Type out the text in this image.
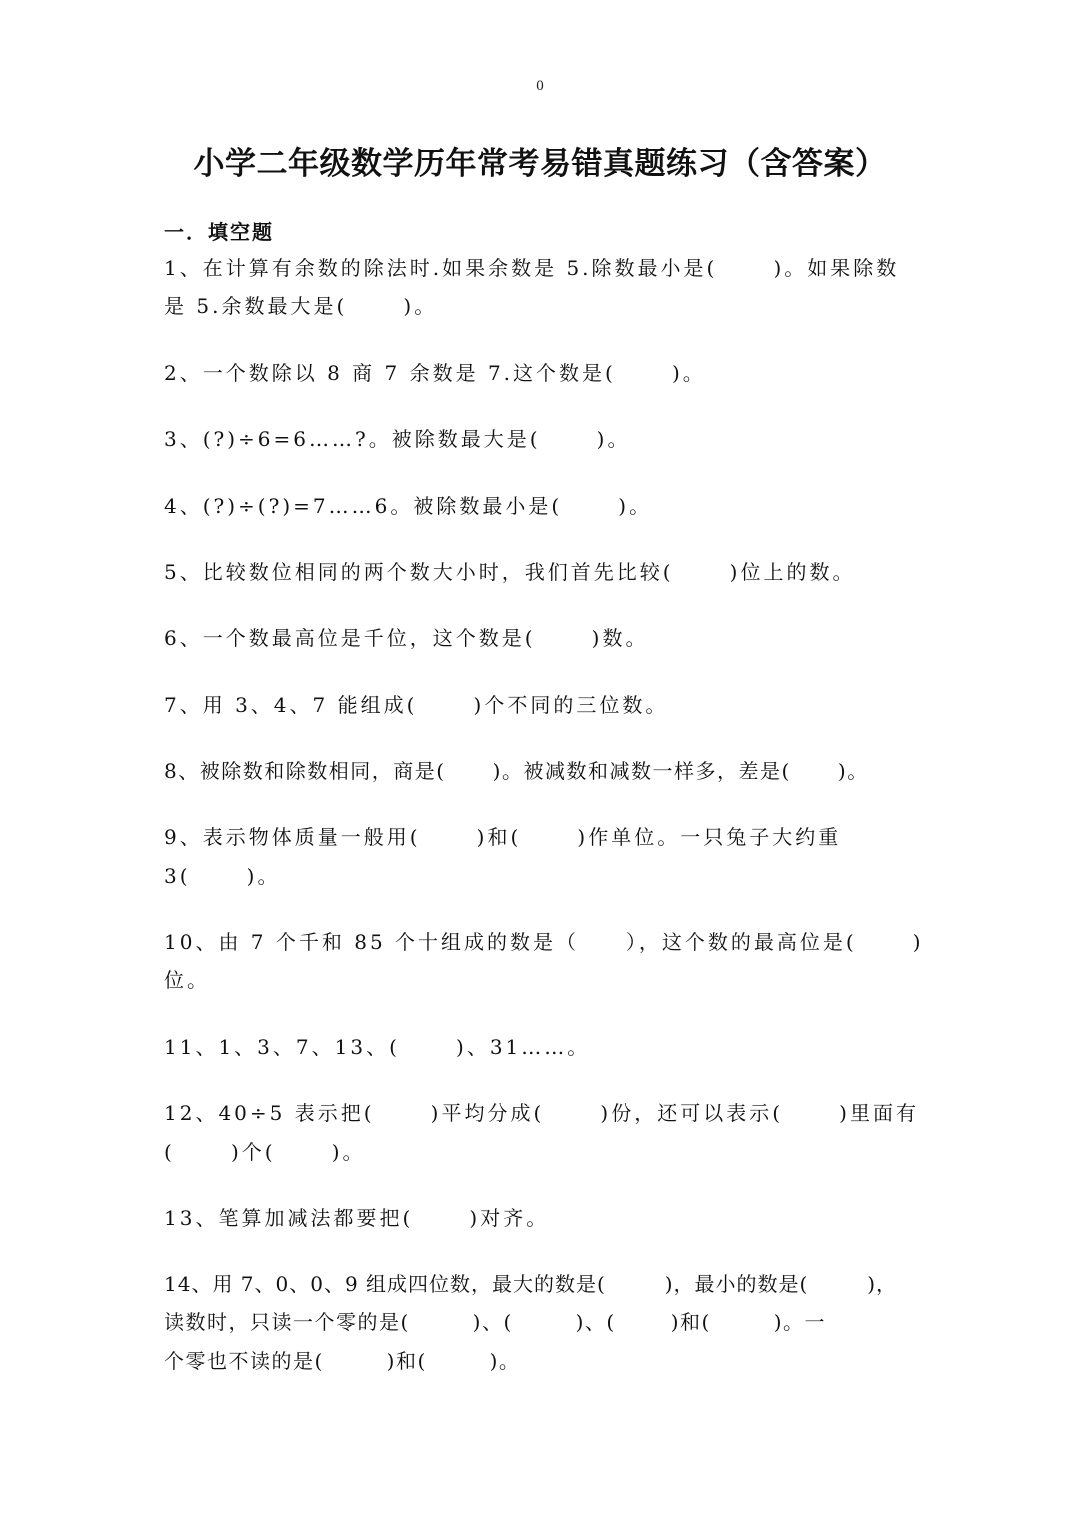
0
小学二年级数学历年常考易错真题练习（含答案）
一．填空题
1、在计算有余数的除法时.如果余数是 5.除数最小是(      )。如果除数
是 5.余数最大是(      )。
2、一个数除以 8 商 7 余数是 7.这个数是(      )。
3、(?)÷6=6……?。被除数最大是(      )。
4、(?)÷(?)=7……6。被除数最小是(      )。
5、比较数位相同的两个数大小时，我们首先比较(      )位上的数。
6、一个数最高位是千位，这个数是(      )数。
7、用 3、4、7 能组成(      )个不同的三位数。
8、被除数和除数相同，商是(      )。被减数和减数一样多，差是(      )。
9、表示物体质量一般用(      )和(      )作单位。一只兔子大约重
3(      )。
10、由 7 个千和 85 个十组成的数是（     ），这个数的最高位是(      )
位。
11、1、3、7、13、(      )、31……。
12、40÷5 表示把(      )平均分成(      )份，还可以表示(      )里面有
(      )个(      )。
13、笔算加减法都要把(      )对齐。
14、用 7、0、0、9 组成四位数，最大的数是(        )，最小的数是(        )，
读数时，只读一个零的是(        )、(        )、(       )和(        )。一
个零也不读的是(        )和(        )。
